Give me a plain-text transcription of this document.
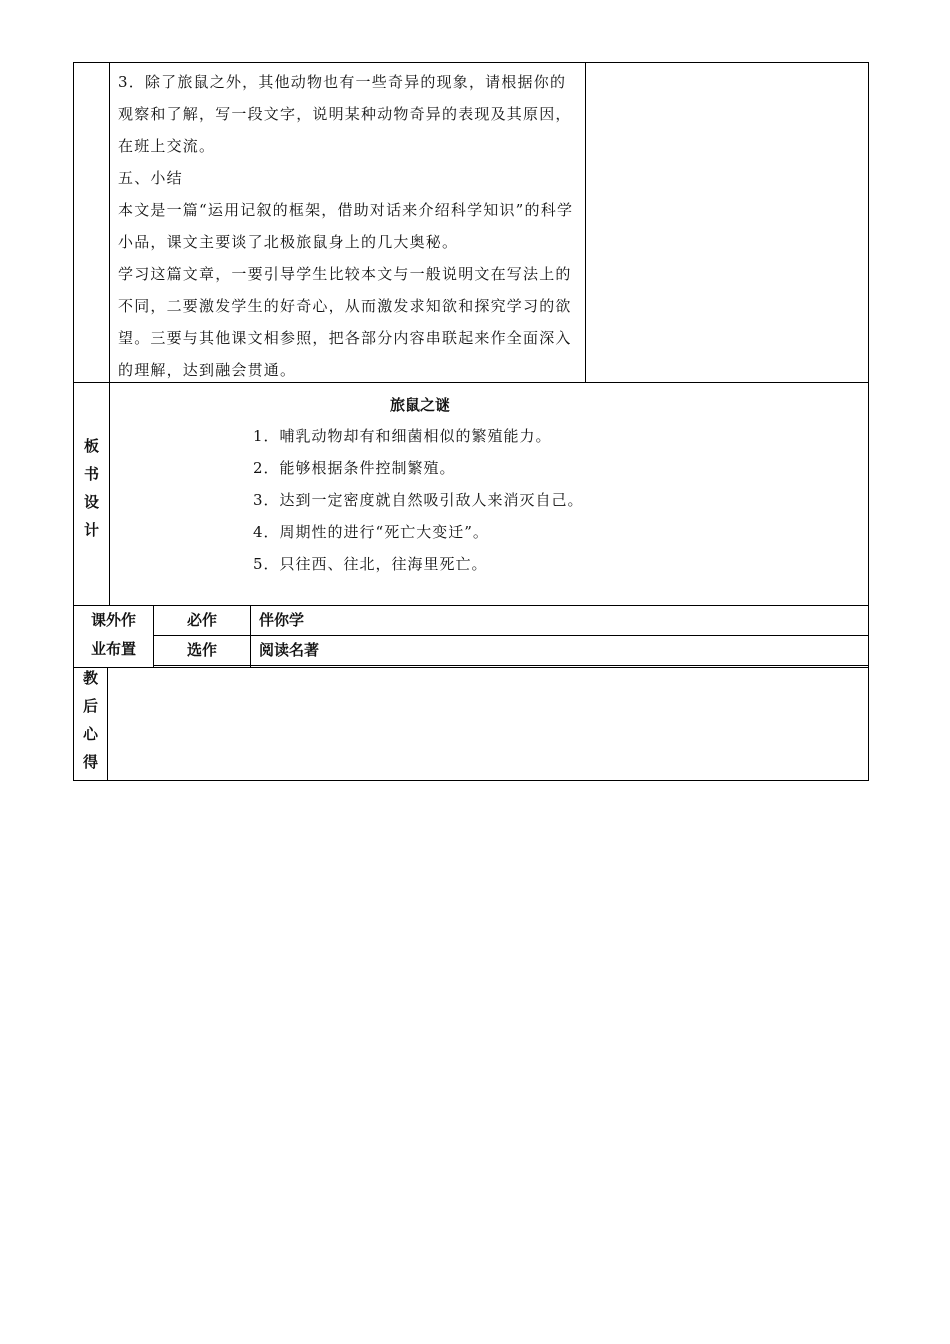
3．除了旅鼠之外，其他动物也有一些奇异的现象，请根据你的观察和了解，写一段文字，说明某种动物奇异的表现及其原因，在班上交流。

五、小结

本文是一篇“运用记叙的框架，借助对话来介绍科学知识”的科学小品，课文主要谈了北极旅鼠身上的几大奥秘。

学习这篇文章，一要引导学生比较本文与一般说明文在写法上的不同，二要激发学生的好奇心，从而激发求知欲和探究学习的欲望。三要与其他课文相参照，把各部分内容串联起来作全面深入的理解，达到融会贯通。

板
书
设
计
旅鼠之谜
1．哺乳动物却有和细菌相似的繁殖能力。
2．能够根据条件控制繁殖。
3．达到一定密度就自然吸引敌人来消灭自己。
4．周期性的进行“死亡大变迁”。
5．只往西、往北，往海里死亡。
课外作
业布置
必作	伴你学
选作	阅读名著
教
后
心
得
